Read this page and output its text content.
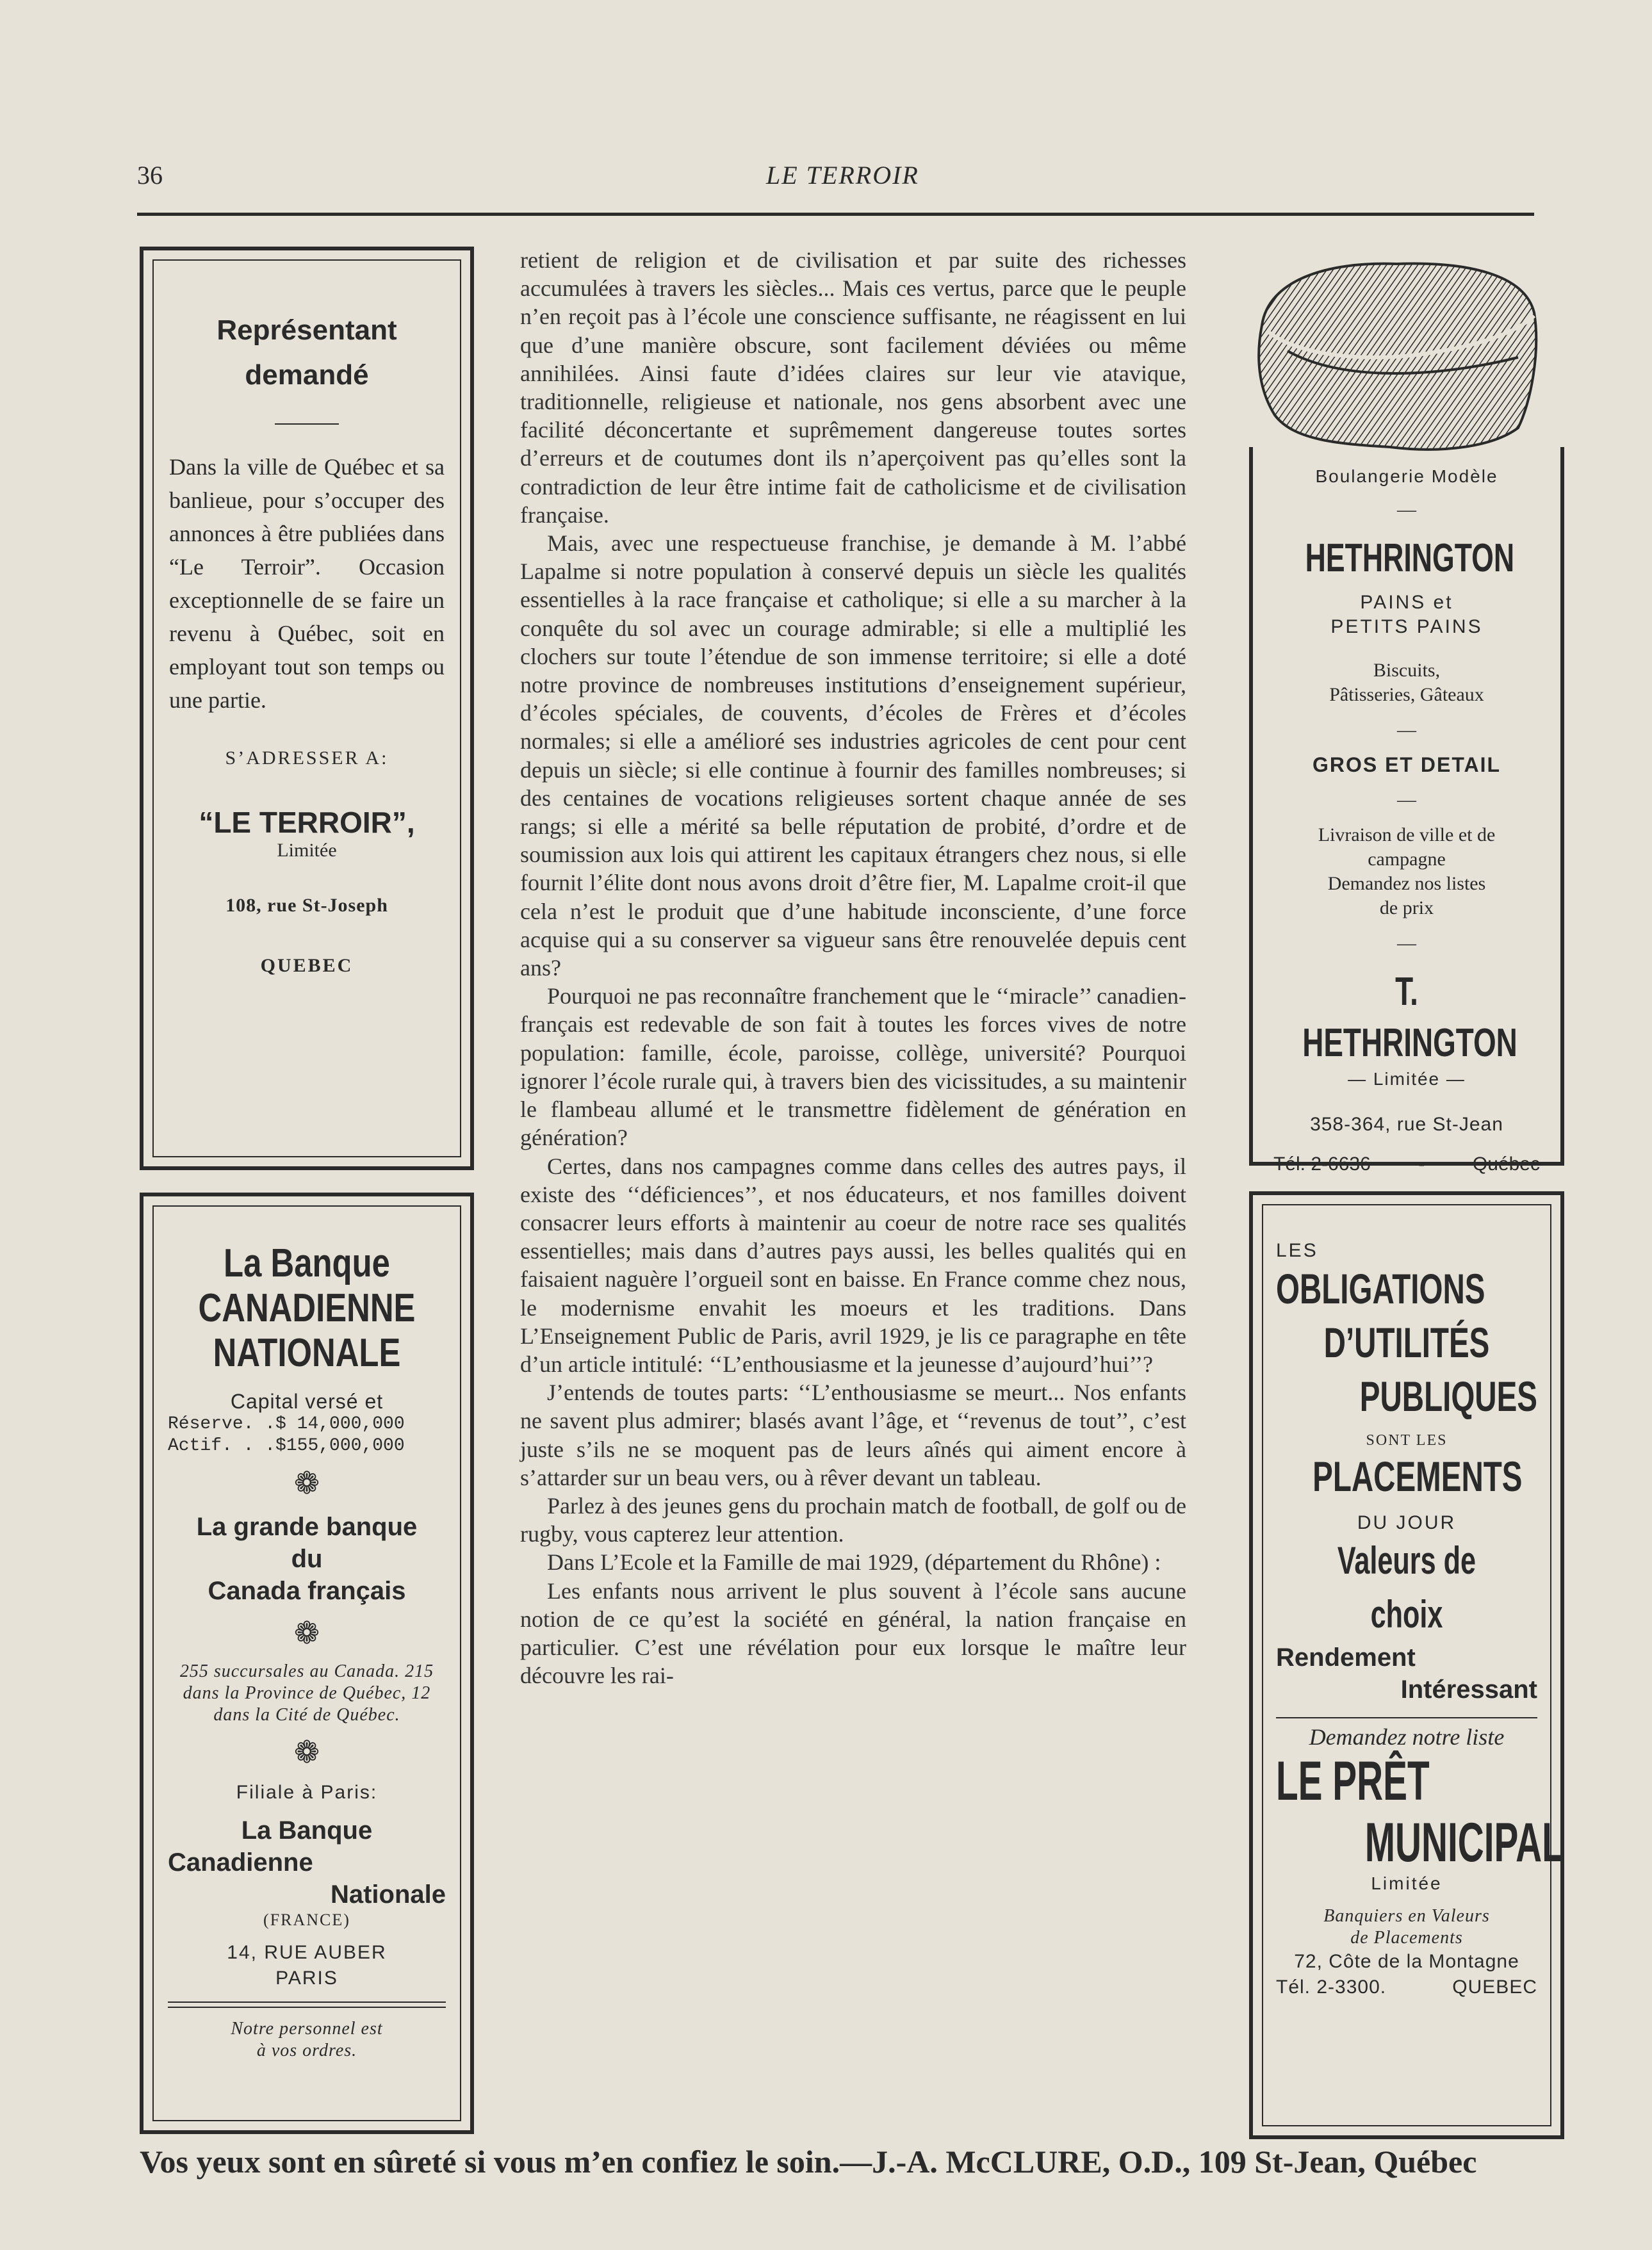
36	LE TERROIR
Représentant
demandé
Dans la ville de Québec et sa banlieue, pour s’occuper des annonces à être publiées dans “Le Terroir”. Occasion exceptionnelle de se faire un revenu à Québec, soit en employant tout son temps ou une partie.
S’ADRESSER A:
“LE TERROIR”,
Limitée
108, rue St-Joseph
QUEBEC
La Banque
CANADIENNE
NATIONALE
Capital versé et
Réserve. .$ 14,000,000
Actif. . .$155,000,000
❁
La grande banque
du
Canada français
❁
255 succursales au Canada. 215 dans la Province de Québec, 12 dans la Cité de Québec.
❁
Filiale à Paris:
La Banque
Canadienne
Nationale
(FRANCE)
14, RUE AUBER
PARIS
Notre personnel est
à vos ordres.

retient de religion et de civilisation et par suite des richesses accumulées à travers les siècles... Mais ces vertus, parce que le peuple n’en reçoit pas à l’école une conscience suffisante, ne réagissent en lui que d’une manière obscure, sont facilement déviées ou même annihilées. Ainsi faute d’idées claires sur leur vie atavique, traditionnelle, religieuse et nationale, nos gens absorbent avec une facilité déconcertante et suprêmement dangereuse toutes sortes d’erreurs et de coutumes dont ils n’aperçoivent pas qu’elles sont la contradiction de leur être intime fait de catholicisme et de civilisation française.

Mais, avec une respectueuse franchise, je demande à M. l’abbé Lapalme si notre population à conservé depuis un siècle les qualités essentielles à la race française et catholique; si elle a su marcher à la conquête du sol avec un courage admirable; si elle a multiplié les clochers sur toute l’étendue de son immense territoire; si elle a doté notre province de nombreuses institutions d’enseignement supérieur, d’écoles spéciales, de couvents, d’écoles de Frères et d’écoles normales; si elle a amélioré ses industries agricoles de cent pour cent depuis un siècle; si elle continue à fournir des familles nombreuses; si des centaines de vocations religieuses sortent chaque année de ses rangs; si elle a mérité sa belle réputation de probité, d’ordre et de soumission aux lois qui attirent les capitaux étrangers chez nous, si elle fournit l’élite dont nous avons droit d’être fier, M. Lapalme croit-il que cela n’est le produit que d’une habitude inconsciente, d’une force acquise qui a su conserver sa vigueur sans être renouvelée depuis cent ans?

Pourquoi ne pas reconnaître franchement que le ‘‘miracle’’ canadien-français est redevable de son fait à toutes les forces vives de notre population: famille, école, paroisse, collège, université? Pourquoi ignorer l’école rurale qui, à travers bien des vicissitudes, a su maintenir le flambeau allumé et le transmettre fidèlement de génération en génération?

Certes, dans nos campagnes comme dans celles des autres pays, il existe des ‘‘déficiences’’, et nos éducateurs, et nos familles doivent consacrer leurs efforts à maintenir au coeur de notre race ses qualités essentielles; mais dans d’autres pays aussi, les belles qualités qui en faisaient naguère l’orgueil sont en baisse. En France comme chez nous, le modernisme envahit les moeurs et les traditions. Dans L’Enseignement Public de Paris, avril 1929, je lis ce paragraphe en tête d’un article intitulé: ‘‘L’enthousiasme et la jeunesse d’aujourd’hui’’?

J’entends de toutes parts: ‘‘L’enthousiasme se meurt... Nos enfants ne savent plus admirer; blasés avant l’âge, et ‘‘revenus de tout’’, c’est juste s’ils ne se moquent pas de leurs aînés qui aiment encore à s’attarder sur un beau vers, ou à rêver devant un tableau.

Parlez à des jeunes gens du prochain match de football, de golf ou de rugby, vous capterez leur attention.

Dans L’Ecole et la Famille de mai 1929, (département du Rhône) :

Les enfants nous arrivent le plus souvent à l’école sans aucune notion de ce qu’est la société en général, la nation française en particulier. C’est une révélation pour eux lorsque le maître leur découvre les rai-

Boulangerie Modèle
—
HETHRINGTON
PAINS et
PETITS PAINS
Biscuits,
Pâtisseries, Gâteaux
—
GROS ET DETAIL
—
Livraison de ville et de
campagne
Demandez nos listes
de prix
—
T. HETHRINGTON
— Limitée —
358-364, rue St-Jean
Tél. 2-6636 - Québec
LES
OBLIGATIONS
D’UTILITÉS
PUBLIQUES
SONT LES
PLACEMENTS
DU JOUR
Valeurs de choix
Rendement
Intéressant
Demandez notre liste
LE PRÊT
MUNICIPAL
Limitée
Banquiers en Valeurs
de Placements
72, Côte de la Montagne
Tél. 2-3300.	QUEBEC
Vos yeux sont en sûreté si vous m’en confiez le soin.—J.-A. McCLURE, O.D., 109 St-Jean, Québec
